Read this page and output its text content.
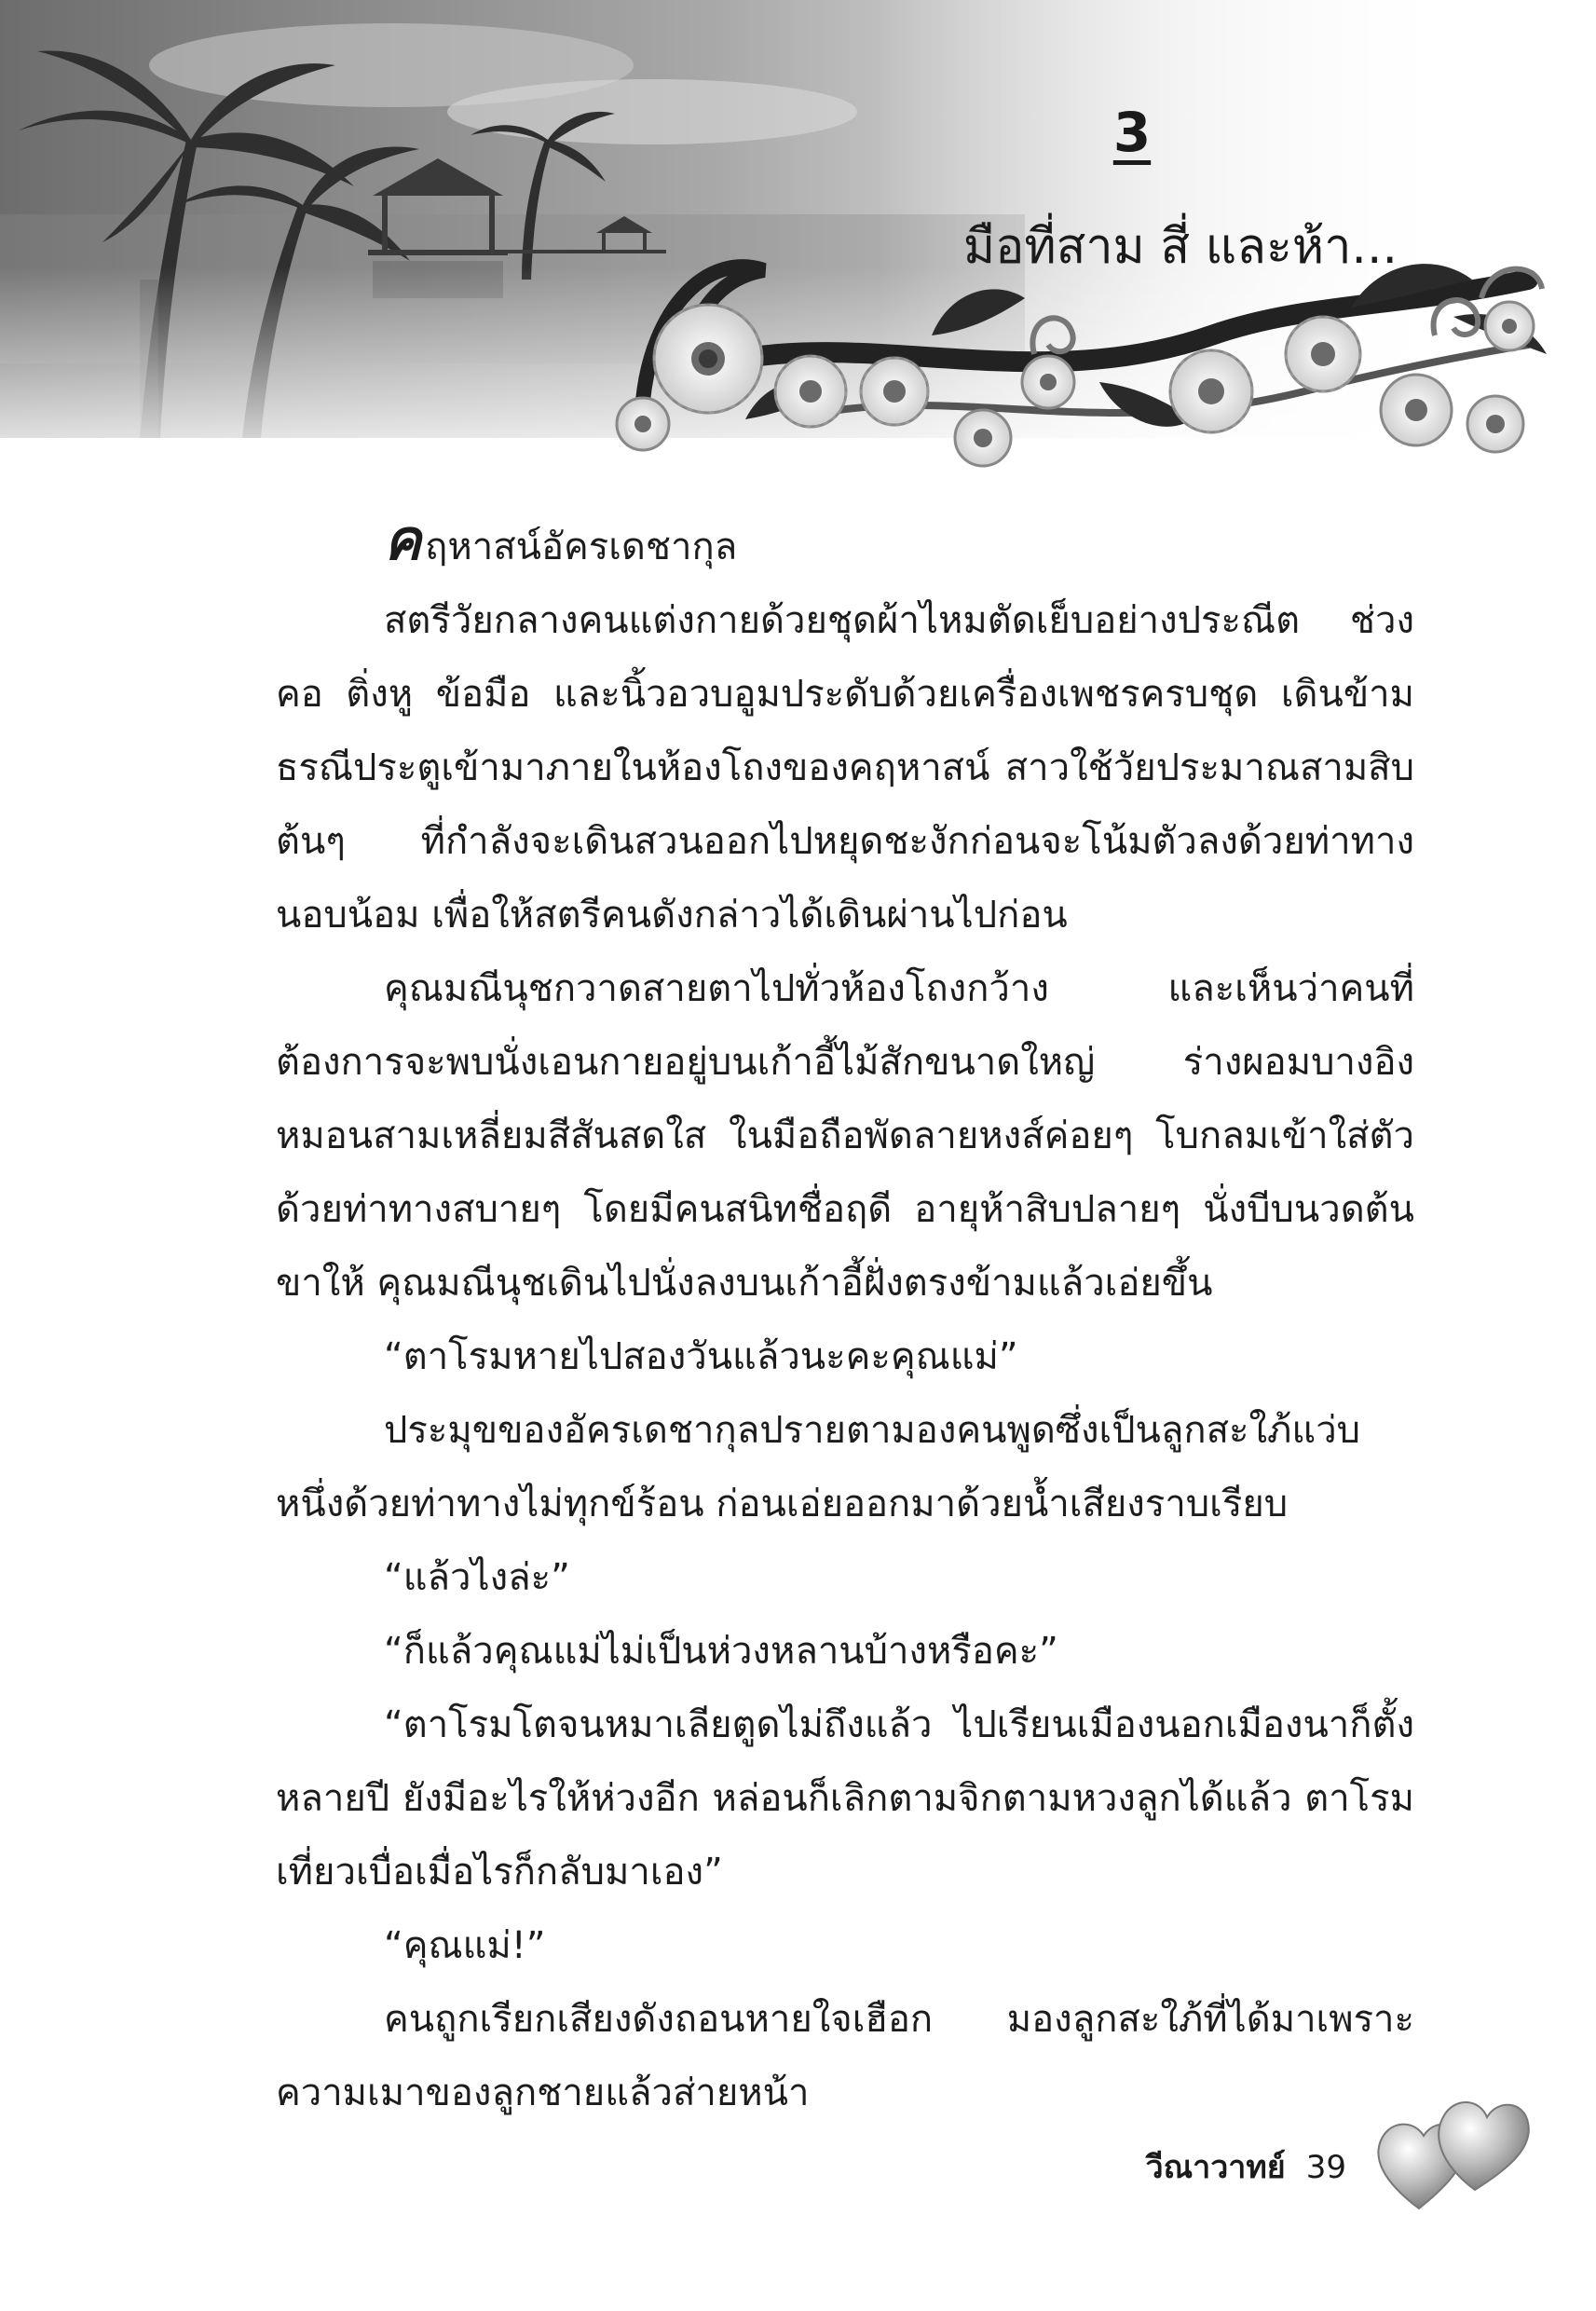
3
มือที่สาม สี่ และห้า...

คฤหาสน์อัครเดชากุล

สตรีวัยกลางคนแต่งกายด้วยชุดผ้าไหมตัดเย็บอย่างประณีต ช่วงคอ ติ่งหู ข้อมือ และนิ้วอวบอูมประดับด้วยเครื่องเพชรครบชุด เดินข้ามธรณีประตูเข้ามาภายในห้องโถงของคฤหาสน์ สาวใช้วัยประมาณสามสิบต้นๆ ที่กำลังจะเดินสวนออกไปหยุดชะงักก่อนจะโน้มตัวลงด้วยท่าทางนอบน้อม เพื่อให้สตรีคนดังกล่าวได้เดินผ่านไปก่อน

คุณมณีนุชกวาดสายตาไปทั่วห้องโถงกว้าง และเห็นว่าคนที่ต้องการจะพบนั่งเอนกายอยู่บนเก้าอี้ไม้สักขนาดใหญ่ ร่างผอมบางอิงหมอนสามเหลี่ยมสีสันสดใส ในมือถือพัดลายหงส์ค่อยๆ โบกลมเข้าใส่ตัวด้วยท่าทางสบายๆ โดยมีคนสนิทชื่อฤดี อายุห้าสิบปลายๆ นั่งบีบนวดต้นขาให้ คุณมณีนุชเดินไปนั่งลงบนเก้าอี้ฝั่งตรงข้ามแล้วเอ่ยขึ้น

“ตาโรมหายไปสองวันแล้วนะคะคุณแม่”

ประมุขของอัครเดชากุลปรายตามองคนพูดซึ่งเป็นลูกสะใภ้แว่บหนึ่งด้วยท่าทางไม่ทุกข์ร้อน ก่อนเอ่ยออกมาด้วยน้ำเสียงราบเรียบ

“แล้วไงล่ะ”

“ก็แล้วคุณแม่ไม่เป็นห่วงหลานบ้างหรือคะ”

“ตาโรมโตจนหมาเลียตูดไม่ถึงแล้ว ไปเรียนเมืองนอกเมืองนาก็ตั้งหลายปี ยังมีอะไรให้ห่วงอีก หล่อนก็เลิกตามจิกตามหวงลูกได้แล้ว ตาโรมเที่ยวเบื่อเมื่อไรก็กลับมาเอง”

“คุณแม่!”

คนถูกเรียกเสียงดังถอนหายใจเฮือก มองลูกสะใภ้ที่ได้มาเพราะความเมาของลูกชายแล้วส่ายหน้า

วีณาวาทย์ 39
